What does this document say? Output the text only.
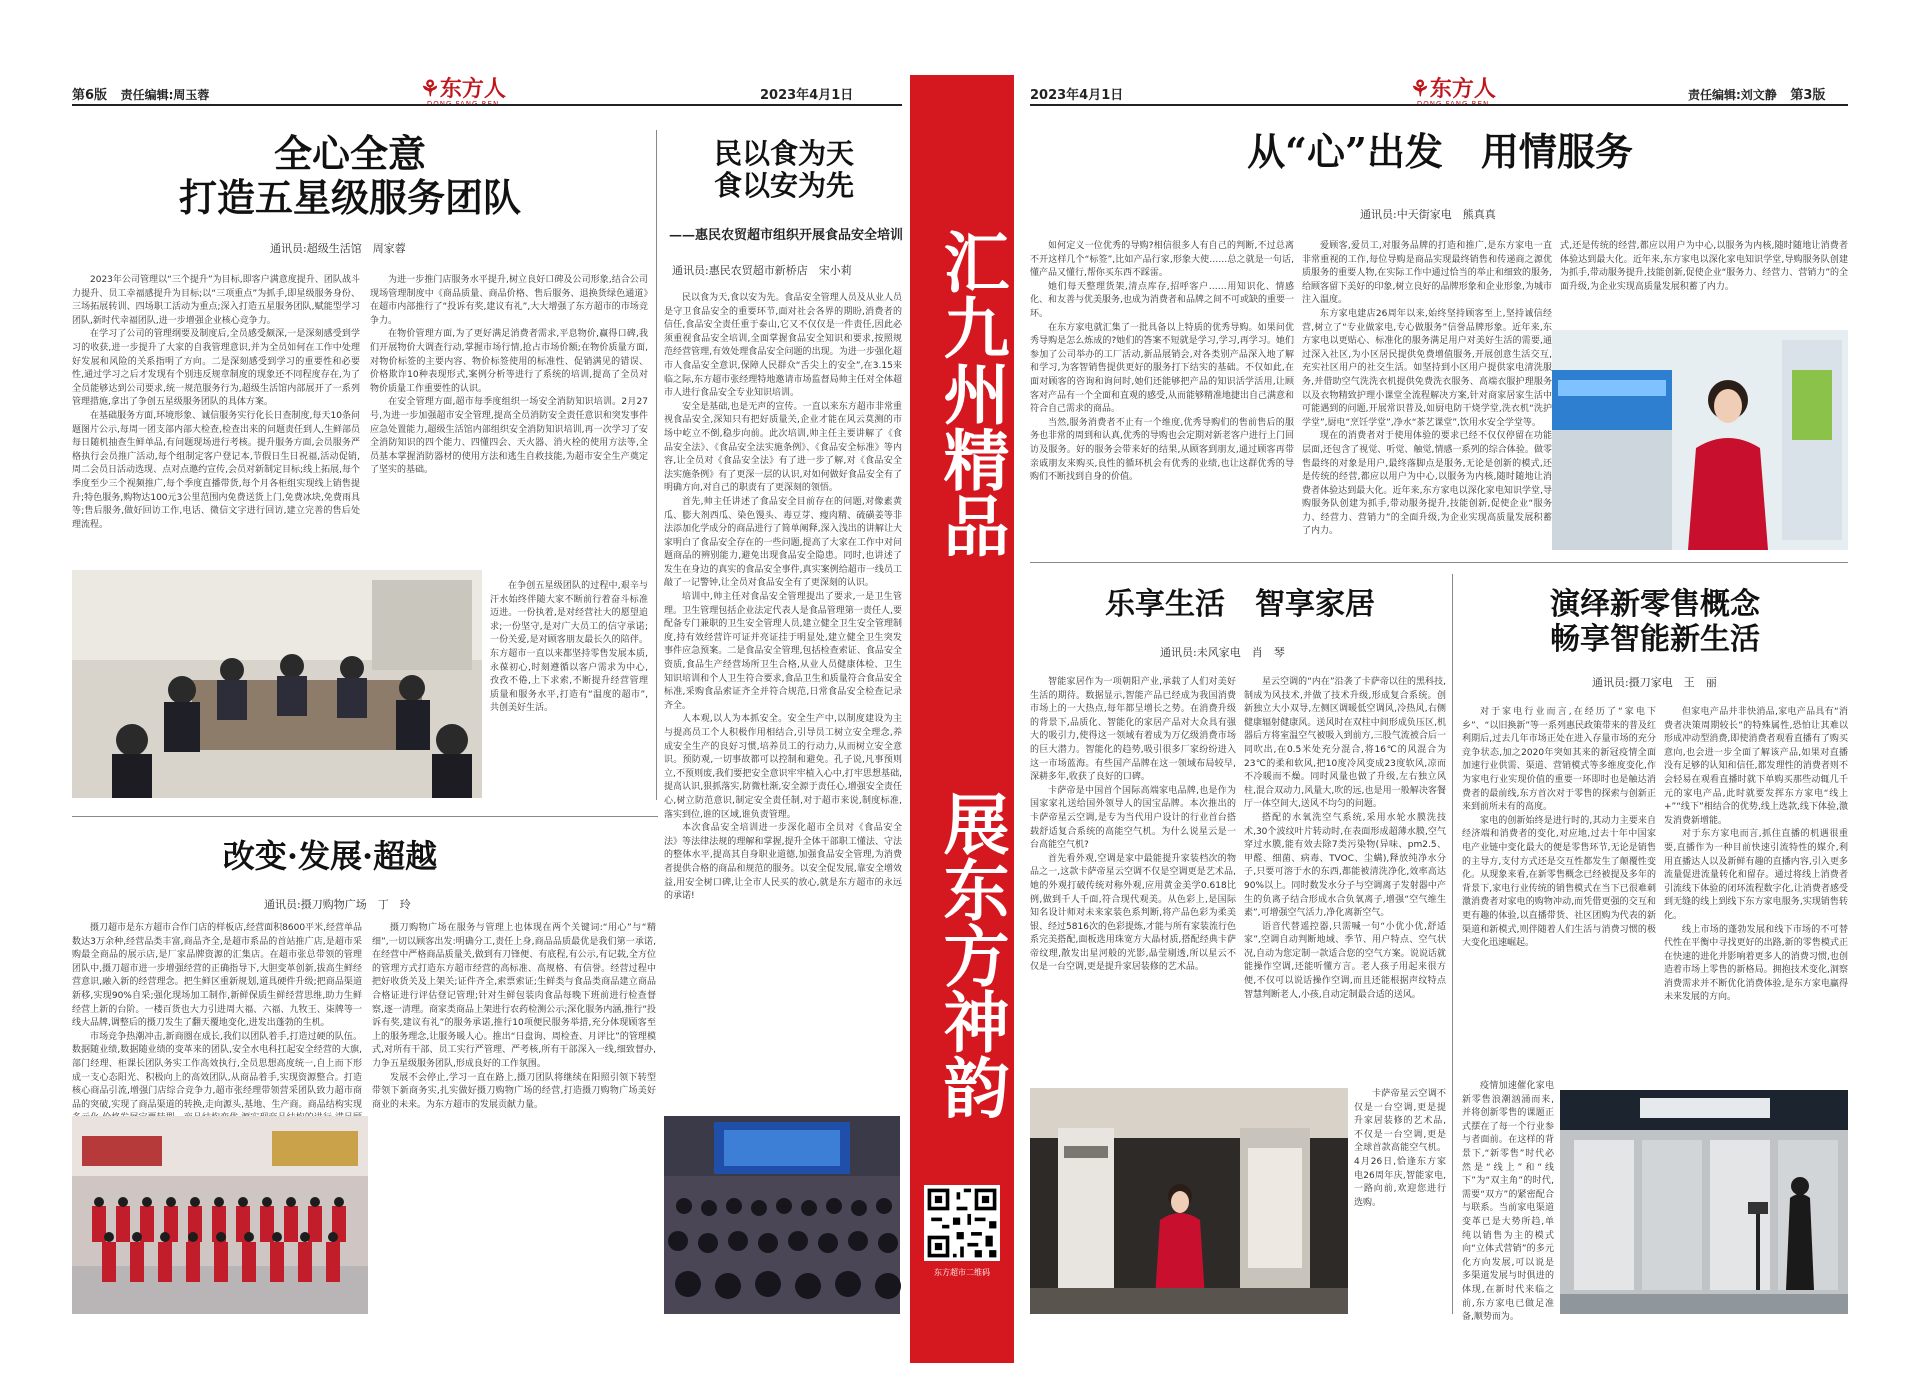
第6版 责任编辑:周玉蓉	⚘东方人	2023年4月1日
全心全意
打造五星级服务团队
通讯员:超级生活馆　周家蓉

2023年公司管理以“三个提升”为目标,即客户满意度提升、团队战斗力提升、员工幸福感提升为目标;以“三项重点”为抓手,即星级服务身份、三场拓展转训、四场职工活动为重点;深入打造五星服务团队,赋能型学习团队,新时代幸福团队,进一步增强企业核心竞争力。

在学习了公司的管理纲要及制度后,全员感受颇深,一是深刻感受到学习的收获,进一步提升了大家的自我管理意识,并为全员如何在工作中处理好发展和风险的关系指明了方向。二是深刻感受到学习的重要性和必要性,通过学习之后才发现有个别违反规章制度的现象还不同程度存在,为了全员能够达到公司要求,统一规范服务行为,超级生活馆内部展开了一系列管理措施,拿出了争创五星级服务团队的具体方案。

在基础服务方面,环境形象、诚信服务实行化长日查制度,每天10条问题图片公示,每周一团支部内部大检查,检查出来的问题责任到人,生鲜部员每日随机抽查生鲜单品,有问题现场进行考核。提升服务方面,会员服务严格执行会员推广活动,每个组制定客户登记本,节假日生日祝福,活动促销,周二会员日活动选现、点对点邀约宣传,会员对新制定目标;线上拓展,每个季度至少三个视频推广,每个季度直播带货,每个月各柜组实现线上销售提升;特色服务,购物达100元3公里范围内免费送货上门,免费冰块,免费雨具等;售后服务,做好回访工作,电话、微信文字进行回访,建立完善的售后处理流程。

为进一步推门店服务水平提升,树立良好口碑及公司形象,结合公司现场管理制度中《商品质量、商品价格、售后服务、退换货绿色通道》在超市内部推行了“投诉有奖,建议有礼”,大大增强了东方超市的市场竞争力。

在物价管理方面,为了更好满足消费者需求,平息物价,赢得口碑,我们开展物价大调查行动,掌握市场行情,抢占市场价额;在物价质量方面,对物价标签的主要内容、物价标签使用的标准性、促销满见的错误、价格欺诈10种表现形式,案例分析等进行了系统的培训,提高了全员对物价质量工作重要性的认识。

在安全管理方面,超市每季度组织一场安全消防知识培训。2月27号,为进一步加强超市安全管理,提高全员消防安全责任意识和突发事件应急处置能力,超级生活馆内部组织安全消防知识培训,再一次学习了安全消防知识的四个能力、四懂四会、天火器、消火栓的使用方法等,全员基本掌握消防器材的使用方法和逃生自救技能,为超市安全生产奠定了坚实的基础。

在争创五星级团队的过程中,艰辛与汗水始终伴随大家不断前行着奋斗标准迈进。一份执着,是对经营社大的愿望追求;一份坚守,是对广大员工的信守承诺;一份关爱,是对顾客朋友最长久的陪伴。东方超市一直以来都坚持零售发展本质,永葆初心,时刻遵循以客户需求为中心,孜孜不倦,上下求索,不断提升经营管理质量和服务水平,打造有“温度的超市”,共创美好生活。

民以食为天
食以安为先
——惠民农贸超市组织开展食品安全培训
通讯员:惠民农贸超市新桥店　宋小莉

民以食为天,食以安为先。食品安全管理人员及从业人员是守卫食品安全的重要环节,面对社会各界的期盼,消费者的信任,食品安全责任重于泰山,它又不仅仅是一件责任,因此必须重视食品安全培训,全面掌握食品安全知识和要求,按照规范经营管理,有效处理食品安全问题的出现。为进一步强化超市人食品安全意识,保障人民群众“舌尖上的安全”,在3.15来临之际,东方超市张经理特地邀请市场监督局帅主任对全体超市人进行食品安全专业知识培训。

安全是基础,也是无声的宣传。一直以来东方超市非常重视食品安全,深知只有把好质量关,企业才能在风云莫测的市场中屹立不倒,稳步向前。此次培训,帅主任主要讲解了《食品安全法》、《食品安全法实施条例》、《食品安全标准》等内容,让全员对《食品安全法》有了进一步了解,对《食品安全法实施条例》有了更深一层的认识,对如何做好食品安全有了明确方向,对自己的职责有了更深刻的领悟。

首先,帅主任讲述了食品安全目前存在的问题,对像素黄瓜、膨大剂西瓜、染色馒头、毒豆芽、瘦肉精、硫磺姜等非法添加化学成分的商品进行了简单阐释,深入浅出的讲解让大家明白了食品安全存在的一些问题,提高了大家在工作中对问题商品的辨别能力,避免出现食品安全隐患。同时,也讲述了发生在身边的真实的食品安全事件,真实案例给超市一线员工敲了一记警钟,让全员对食品安全有了更深刻的认识。

培训中,帅主任对食品安全管理提出了要求,一是卫生管理。卫生管理包括企业法定代表人是食品管理第一责任人,要配备专门兼职的卫生安全管理人员,建立健全卫生安全管理制度,持有效经营许可证并亮证挂于明显处,建立健全卫生突发事件应急预案。二是食品安全管理,包括检查索证、食品安全资质,食品生产经营场所卫生合格,从业人员健康体检、卫生知识培训和个人卫生符合要求,食品卫生和质量符合食品安全标准,采购食品索证齐全并符合规范,日常食品安全检查记录齐全。

人本观,以人为本抓安全。安全生产中,以制度建设为主与提高员工个人积极作用相结合,引导员工树立安全理念,养成安全生产的良好习惯,培养员工的行动力,从而树立安全意识。预防观,一切事故都可以控制和避免。孔子说,凡事预则立,不预则废,我们要把安全意识牢牢植入心中,打牢思想基础,提高认识,狠抓落实,防微杜渐,安全源于责任心,增强安全责任心,树立防范意识,制定安全责任制,对于超市来说,制度标准,落实到位,谁的区域,谁负责管理。

本次食品安全培训进一步深化超市全员对《食品安全法》等法律法规的理解和掌握,提升全体干部职工懂法、守法的整体水平,提高其自身职业道德,加强食品安全管理,为消费者提供合格的商品和规范的服务。以安全促发展,靠安全增效益,用安全树口碑,让全市人民买的放心,就是东方超市的永远的承诺!

改变·发展·超越
通讯员:摄刀购物广场　丁　玲

摄刀超市是东方超市合作门店的样板店,经营面积8600平米,经营单品数达3万余种,经营品类丰富,商品齐全,是超市系品的首站推广店,是超市采购最全商品的展示店,是厂家品牌资源的汇集店。在超市张总带领的管理团队中,摄刀超市进一步增强经营的正确指导下,大胆变革创新,拔高生鲜经营意识,融入新的经营理念。把生鲜区重新规划,道具硬件升级;把商品渠道新移,实现90%自采;强化现场加工制作,新鲜保质生鲜经营思维,助力生鲜经营上新的台阶。一楼百货也大力引进周大福、六福、九牧王、柒牌等一线大品牌,调整后的摄刀发生了翻天覆地变化,进发出蓬勃的生机。

市场竞争热潮冲击,新商圈在成长,我们以团队着手,打造过硬的队伍。数据随业绩,数据随业绩的变革来的团队,安全水电科扛起安全经营的大旗,部门经理、柜课长团队务实工作高效执行,全员思想高度统一,自上而下形成一支心态阳光、积极向上的高效团队,从商品着手,实现资源整合。打造核心商品引流,增强门店综合竞争力,超市张经理带领营采团队致力超市商品的突破,实现了商品渠道的转换,走向源头,基地、生产商。商品结构实现

摄刀购物广场在服务与管理上也体现在两个关键词:“用心”与“精细”,一切以顾客出发:明确分工,责任上身,商品品质最优是我们第一承诺,在经营中严格商品质量关,做到有刀锋便、有底程,有公示,有记载,全方位的管理方式打造东方超市经营的高标准、高规格、有信誉。经营过程中把好收货关及上架关;证件齐全,索票索证;生鲜类与食品类商品建立商品合格证进行评估登记管理;针对生鲜包装肉食品每晚下班前进行检查督察,逐一清理。商家类商品上架进行农药检测公示;深化服务内涵,推行“投诉有奖,建议有礼”的服务承诺,推行10项便民服务举措,充分体现顾客至上的服务理念,让服务暖人心。推出“日盘询、周检查、月评比”的管理模式,对所有干部、员工实行严管理、严考核,所有干部深入一线,细致督办,力争五星级服务团队,形成良好的工作氛围。

发展不会停止,学习一直在路上,摄刀团队将继续在阳照引领下转型带领下新商务实,扎实做好摄刀购物广场的经营,打造摄刀购物广场美好商业的未来。为东方超市的发展贡献力量。

汇九州精品
展东方神韵
东方超市二维码
2023年4月1日	⚘东方人	责任编辑:刘文静 第3版
从“心”出发　用情服务
通讯员:中天街家电　熊真真

如何定义一位优秀的导购?相信很多人有自己的判断,不过总离不开这样几个“标签”,比如产品行家,形象大使……总之就是一句话,懂产品又懂行,帮你买东西不踩雷。

她们每天整理货架,清点库存,招呼客户……用知识化、情感化、和友善与优美服务,也成为消费者和品牌之间不可或缺的重要一环。

在东方家电就汇集了一批具备以上特质的优秀导购。如果问优秀导购是怎么炼成的?她们的答案不短就是学习,学习,再学习。她们参加了公司举办的工厂活动,新品展销会,对各类别产品深入地了解和学习,为客智销售提供更好的服务打下结实的基础。不仅如此,在面对顾客的咨询和询问时,她们还能够把产品的知识活学活用,让顾客对产品有一个全面和直观的感受,从而能够精准地捷出自己满意和符合自己需求的商品。

当然,服务消费者不止有一个维度,优秀导购们的售前售后的服务也非常的周到和认真,优秀的导购也会定期对新老客户进行上门回访及服务。好的服务会带来好的结果,从顾客到朋友,通过顾客再带亲戚朋友来购买,良性的循环机会有优秀的业绩,也让这群优秀的导购们不断找到自身的价值。

爱顾客,爱员工,对服务品牌的打造和推广,是东方家电一直非常重视的工作,每位导购是商品实现最终销售和传递商之源优质服务的重要人物,在实际工作中通过恰当的举止和细致的服务,给顾客留下美好的印象,树立良好的品牌形象和企业形象,为城市注入温度。

东方家电建店26周年以来,始终坚持顾客至上,坚持诚信经营,树立了“专业做家电,专心做服务”信誉品牌形象。近年来,东方家电以更贴心、标准化的服务满足用户对美好生活的需要,通过深入社区,为小区居民提供免费增值服务,开展创意生活交互,充实社区用户的社交生活。如坚持到小区用户提供家电清洗服务,并借助空气洗洗衣机提供免费洗衣服务、高端衣服护理服务以及衣物精致护理小课堂全流程解决方案,针对商家居家生活中可能遇到的问题,开展常识普及,如厨电防干烧学堂,洗衣机“洗护学堂”,厨电“烹饪学堂”,净水“茶艺课堂”,饮用水安全学堂等。

现在的消费者对于使用体验的要求已经不仅仅停留在功能层面,还包含了视觉、听觉、触觉,情感一系列的综合体验。做零售最终的对象是用户,最终落脚点是服务,无论是创新的模式,还是传统的经营,都应以用户为中心,以服务为内核,随时随地让消费者体验达到最大化。近年来,东方家电以深化家电知识学堂,导购服务队创建为抓手,带动服务提升,技能创新,促使企业“服务力、经营力、营销力”的全面升级,为企业实现高质量发展积蓄了内力。

式,还是传统的经营,都应以用户为中心,以服务为内核,随时随地让消费者体验达到最大化。近年来,东方家电以深化家电知识学堂,导购服务队创建为抓手,带动服务提升,技能创新,促使企业“服务力、经营力、营销力”的全面升级,为企业实现高质量发展积蓄了内力。

乐享生活　智享家居
通讯员:未风家电　肖　琴

智能家居作为一项朝阳产业,承载了人们对美好生活的期待。数据显示,智能产品已经成为我国消费市场上的一大热点,每年都呈增长之势。在消费升级的背景下,品质化、智能化的家居产品对大众具有强大的吸引力,使得这一领域有着成为万亿级消费市场的巨大潜力。智能化的趋势,吸引很多厂家纷纷进入这一市场蓝海。有些国产品牌在这一领域布局较早,深耕多年,收获了良好的口碑。

卡萨帝是中国首个国际高端家电品牌,也是作为国家家礼送给国外领导人的国宝品牌。本次推出的卡萨帝星云空调,是专为当代用户设计的行业首台搭载舒适复合系统的高能空气机。为什么说星云是一台高能空气机?

首先看外观,空调是家中最能提升家装档次的物品之一,这款卡萨帝星云空调不仅是空调更是艺术品,她的外观打破传统对称外观,应用黄金美学0.618比例,做到千人千面,符合现代观美。从色彩上,是国际知名设计师对未来家装色系判断,将产品色彩为柔美银、经过5816次的色彩提炼,才能与所有家装流行色系完美搭配,面板选用珠宽方大晶材质,搭配经典卡萨帝纹理,散发出星河般的光影,晶莹剔透,所以星云不仅是一台空调,更是提升家居装修的艺术品。

星云空调的“内在”沿袭了卡萨帝以往的黑科技,制成为风技术,并做了技术升级,形成复合系统。创新独立大小双导,左侧区调暖低空调风,冷热风,右侧健康辐射健康风。送风时在双柱中间形成负压区,机器后方将室温空气被吸入到前方,三股气流被合后一同吹出,在0.5米处充分混合,将16℃的风混合为23℃的柔和软风,把10度冷风变成23度软风,凉而不冷暖而不燥。同时风量也做了升级,左右独立风柱,混合双动力,风量大,吹的远,也是用一般解决客餐厅一体空间大,送风不均匀的问题。

搭配的水氧洗空气系统,采用水轮水膜洗技术,30个波纹叶片转动时,在表面形成超薄水膜,空气穿过水膜,能有效去除7类污染物(异味、pm2.5、甲醛、细菌、病毒、TVOC、尘螨),释放纯净水分子,只要可溶于水的东西,都能被清洗净化,效率高达90%以上。同时数发水分子与空调离子发射器中产生的负离子结合形成水合负氧离子,增强“空气维生素”,可增强空气活力,净化离新空气。

语音代替遥控器,只需喊一句“小优小优,舒适家”,空调自动判断地域、季节、用户特点、空气状况,自动为您定制一款适合您的空气方案。说说话就能操作空调,还能听懂方言。老人孩子用起来很方便,不仅可以说话操作空调,而且还能根据声纹特点智慧判断老人,小孩,自动定制最合适的送风。

卡萨帝星云空调不仅是一台空调,更是提升家居装修的艺术品,不仅是一台空调,更是全球首款高能空气机。4月26日,恰逢东方家电26周年庆,智能家电,一路向前,欢迎您进行选购。

演绎新零售概念
畅享智能新生活
通讯员:摄刀家电　王　丽

对于家电行业而言,在经历了“家电下乡”、“以旧换新”等一系列惠民政策带来的普及红利期后,过去几年市场正处在进入存量市场的充分竞争状态,加之2020年突如其来的新冠疫情全面加速行业供需、渠道、营销模式等多维度变化,作为家电行业实现价值的重要一环即时也是触达消费者的最前线,东方首次对于零售的探索与创新正来到前所未有的高度。

家电的创新始终是进行时的,其动力主要来自经济端和消费者的变化,对应地,过去十年中国家电产业链中变化最大的便是零售环节,无论是销售的主导方,支付方式还是交互性都发生了颠覆性变化。从现象来看,在新零售概念已经被提及多年的背景下,家电行业传统的销售模式在当下已很难刺激消费者对家电的购物冲动,而凭借更强的交互和更有趣的体验,以直播带货、社区团购为代表的新渠道和新模式,则伴随着人们生活与消费习惯的极大变化迅速崛起。

但家电产品并非快消品,家电产品具有“消费者决策周期较长”的特殊属性,恐怕让其难以形成冲动型消费,即使消费者观看直播有了购买意向,也会进一步全面了解该产品,如果对直播没有足够的认知和信任,都发理性的消费者则不会轻易在观看直播时就下单购买那些动辄几千元的家电产品,此时就要发挥东方家电“线上+”“线下”相结合的优势,线上选款,线下体验,激发消费新增能。

对于东方家电而言,抓住直播的机遇很重要,直播作为一种目前快速引流特性的媒介,利用直播达人以及新鲜有趣的直播内容,引入更多流量促进流量转化和留存。通过将线上消费者引流线下体验的闭环流程数字化,让消费者感受到无缝的线上到线下东方家电服务,实现销售转化。

线上市场的蓬勃发展和线下市场的不可替代性在平衡中寻找更好的出路,新的零售模式正在快速的进化并影响着更多人的消费习惯,也创造着市场上零售的新格局。拥抱技术变化,洞察消费需求并不断优化消费体验,是东方家电赢得未来发展的方向。

疫情加速催化家电新零售浪潮汹涌而来,并将创新零售的课题正式摆在了每一个行业参与者面前。在这样的背景下,“新零售”时代必然是“线上”和“线下”为“双主角”的时代,需要“双方”的紧密配合与联系。当前家电渠道变革已是大势所趋,单纯以销售为主的模式向“立体式营销”的多元化方向发展,可以说是多渠道发展与时俱进的体现,在新时代来临之前,东方家电已做足准备,顺势而为。
